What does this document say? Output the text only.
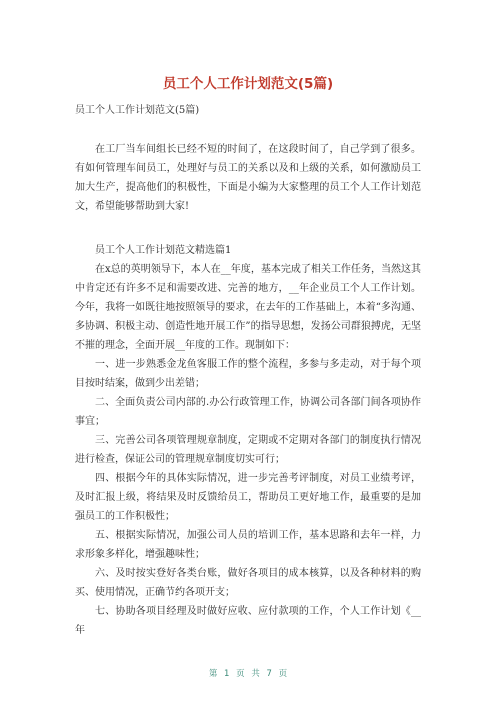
员工个人工作计划范文(5篇)
员工个人工作计划范文(5篇)

在工厂当车间组长已经不短的时间了，在这段时间了，自己学到了很多。有如何管理车间员工，处理好与员工的关系以及和上级的关系，如何激励员工加大生产，提高他们的积极性，下面是小编为大家整理的员工个人工作计划范文，希望能够帮助到大家!

员工个人工作计划范文精选篇1

在x总的英明领导下，本人在__年度，基本完成了相关工作任务，当然这其中肯定还有许多不足和需要改进、完善的地方，__年企业员工个人工作计划。今年，我将一如既往地按照领导的要求，在去年的工作基础上，本着“多沟通、多协调、积极主动、创造性地开展工作”的指导思想，发扬公司群狼搏虎，无坚不摧的理念，全面开展__年度的工作。现制如下：

一、进一步熟悉金龙鱼客服工作的整个流程，多参与多走动，对于每个项目按时结案，做到少出差错；

二、全面负责公司内部的.办公行政管理工作，协调公司各部门间各项协作事宜；

三、完善公司各项管理规章制度，定期或不定期对各部门的制度执行情况进行检查，保证公司的管理规章制度切实可行；

四、根据今年的具体实际情况，进一步完善考评制度，对员工业绩考评，及时汇报上级，将结果及时反馈给员工，帮助员工更好地工作，最重要的是加强员工的工作积极性；

五、根据实际情况，加强公司人员的培训工作，基本思路和去年一样，力求形象多样化，增强趣味性；

六、及时按实登好各类台账，做好各项目的成本核算，以及各种材料的购买、使用情况，正确节约各项开支；

七、协助各项目经理及时做好应收、应付款项的工作，个人工作计划《__年

第 1 页 共 7 页
